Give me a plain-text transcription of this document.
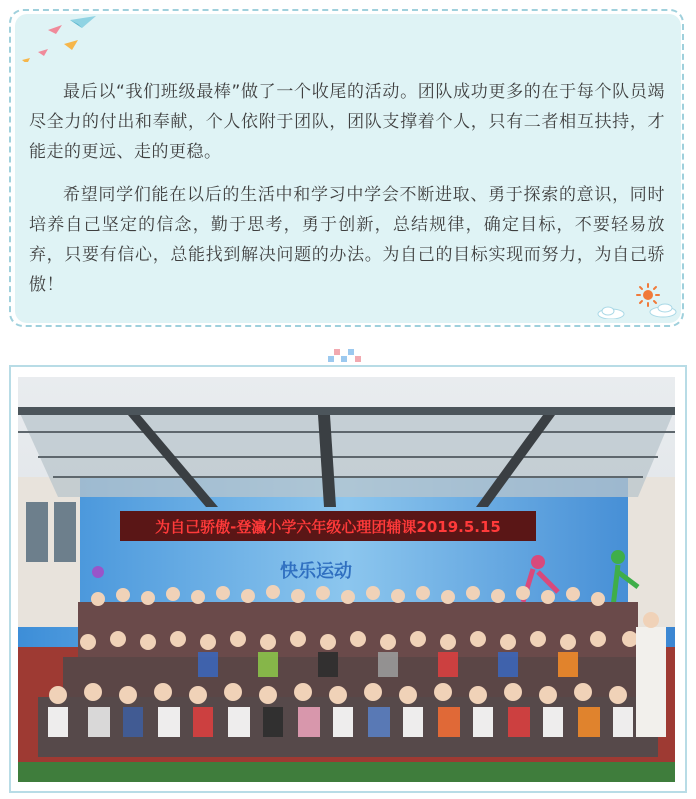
最后以“我们班级最棒”做了一个收尾的活动。团队成功更多的在于每个队员竭尽全力的付出和奉献，个人依附于团队，团队支撑着个人，只有二者相互扶持，才能走的更远、走的更稳。

希望同学们能在以后的生活中和学习中学会不断进取、勇于探索的意识，同时培养自己坚定的信念，勤于思考，勇于创新，总结规律，确定目标，不要轻易放弃，只要有信心，总能找到解决问题的办法。为自己的目标实现而努力，为自己骄傲！

为自己骄傲-登瀛小学六年级心理团辅课2019.5.15
快乐运动
